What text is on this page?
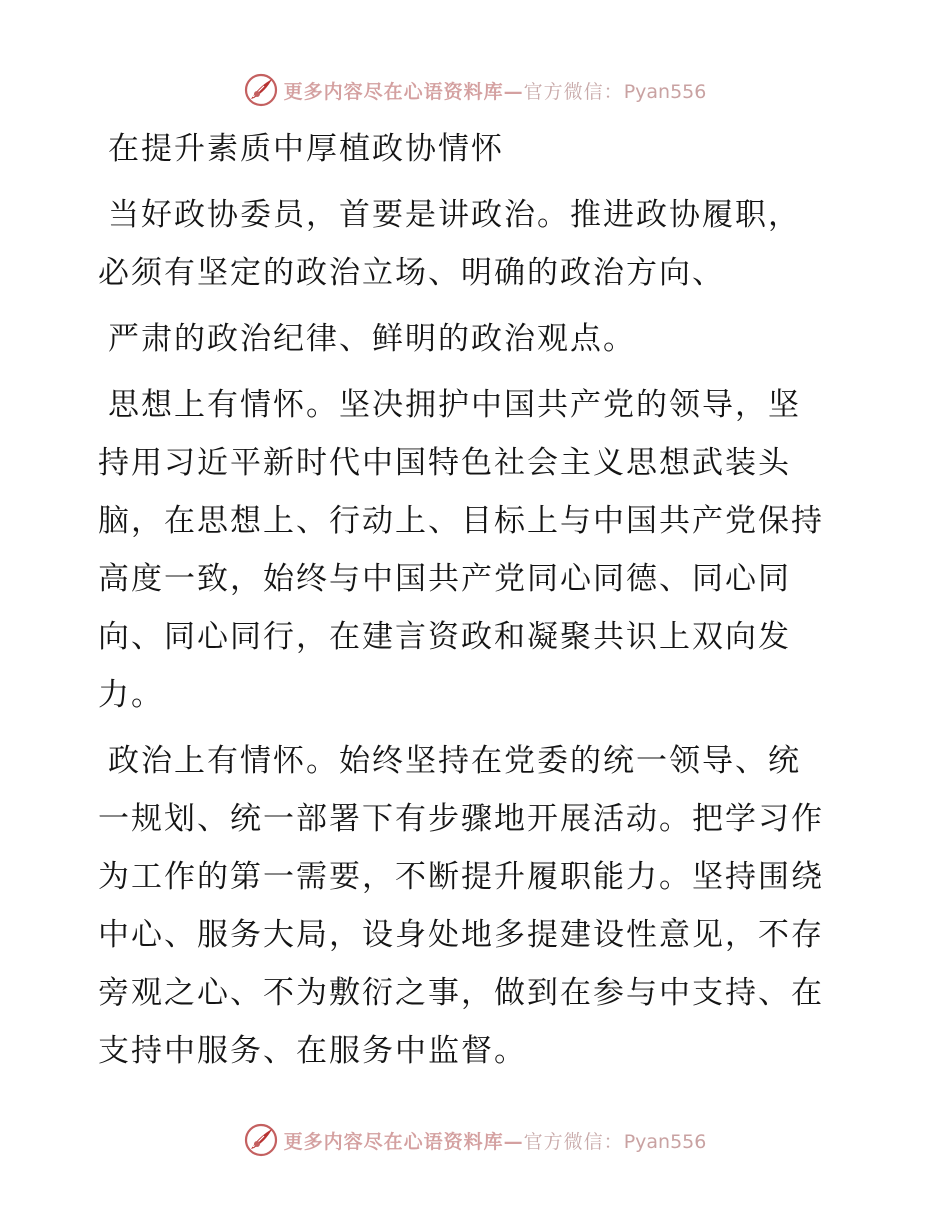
更多内容尽在心语资料库—官方微信：Pyan556
在提升素质中厚植政协情怀
当好政协委员，首要是讲政治。推进政协履职，
必须有坚定的政治立场、明确的政治方向、
严肃的政治纪律、鲜明的政治观点。
思想上有情怀。坚决拥护中国共产党的领导，坚
持用习近平新时代中国特色社会主义思想武装头
脑，在思想上、行动上、目标上与中国共产党保持
高度一致，始终与中国共产党同心同德、同心同
向、同心同行，在建言资政和凝聚共识上双向发
力。
政治上有情怀。始终坚持在党委的统一领导、统
一规划、统一部署下有步骤地开展活动。把学习作
为工作的第一需要，不断提升履职能力。坚持围绕
中心、服务大局，设身处地多提建设性意见，不存
旁观之心、不为敷衍之事，做到在参与中支持、在
支持中服务、在服务中监督。
更多内容尽在心语资料库—官方微信：Pyan556
